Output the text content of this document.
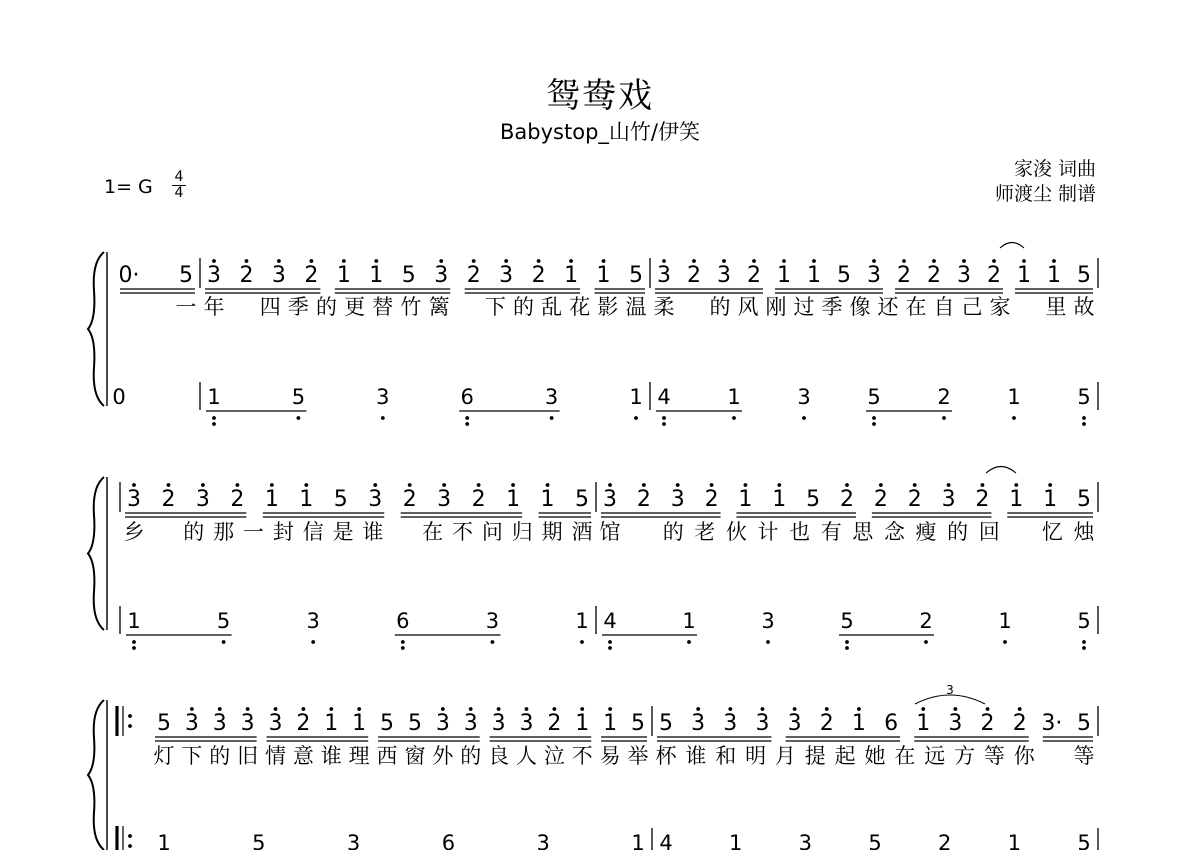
鸳鸯戏
Babystop_山竹/伊笑
家浚 词曲
师渡尘 制谱
1= G 4
4
0· 5
一
3 2 3 2 1 1 5 3 2 3 2 1 1 5
年 四 季 的 更 替 竹 篱 下 的 乱 花 影 温
3 2 3 2 1 1 5 3 2 2 3 2 1 1 5
柔 的 风 刚 过 季 像 还 在 自 己 家 里 故
0	1	5	3	6	3	1 4	1	3	5	2	1	5
3 2 3 2 1 1 5 3 2 3 2 1 1 5
乡 的 那 一 封 信 是 谁 在 不 问 归 期 酒
3 2 3 2 1 1 5 2 2 2 3 2 1 1 5
馆 的 老 伙 计 也 有 思 念 瘦 的 回 忆 烛
1	5	3	6	3	1 4	1	3	5	2	1	5
5 3 3 3 3 2 1 1 5 5 3 3 3 3 2 1 1 5
灯 下 的 旧 情 意 谁 理 西 窗 外 的 良 人 泣 不 易 举
5 3 3 3 3 2 1 6 1 3 2 2 3· 5
杯 谁 和 明 月 提 起 她 在 远 方 等 你 等
1	5	3	6	3	1 4	1	3	5	2	1	5
3
